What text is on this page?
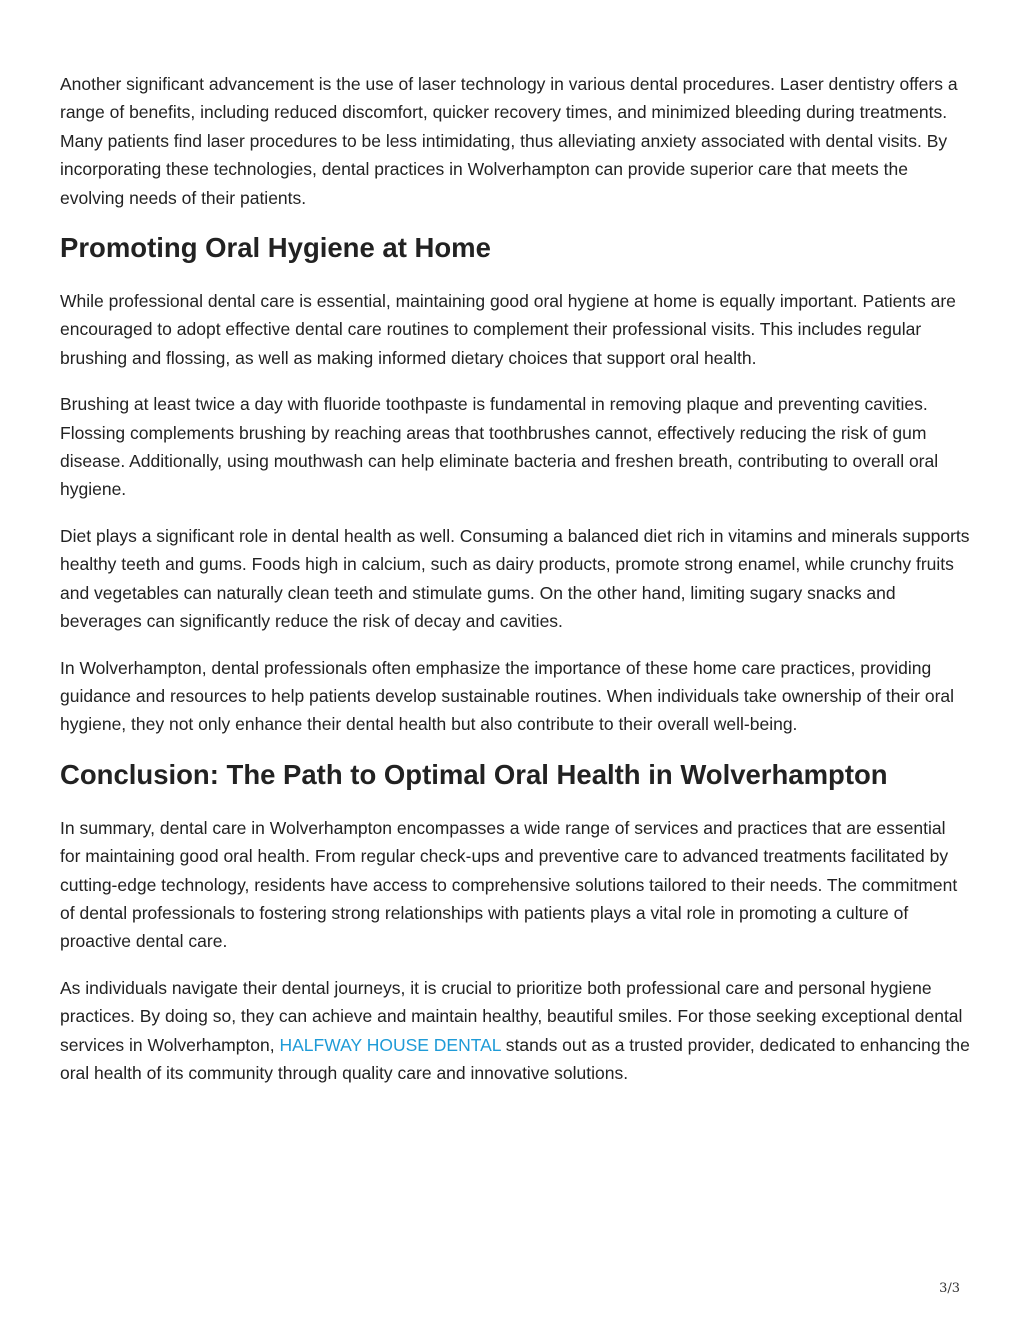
Another significant advancement is the use of laser technology in various dental procedures. Laser dentistry offers a range of benefits, including reduced discomfort, quicker recovery times, and minimized bleeding during treatments. Many patients find laser procedures to be less intimidating, thus alleviating anxiety associated with dental visits. By incorporating these technologies, dental practices in Wolverhampton can provide superior care that meets the evolving needs of their patients.

Promoting Oral Hygiene at Home

While professional dental care is essential, maintaining good oral hygiene at home is equally important. Patients are encouraged to adopt effective dental care routines to complement their professional visits. This includes regular brushing and flossing, as well as making informed dietary choices that support oral health.

Brushing at least twice a day with fluoride toothpaste is fundamental in removing plaque and preventing cavities. Flossing complements brushing by reaching areas that toothbrushes cannot, effectively reducing the risk of gum disease. Additionally, using mouthwash can help eliminate bacteria and freshen breath, contributing to overall oral hygiene.

Diet plays a significant role in dental health as well. Consuming a balanced diet rich in vitamins and minerals supports healthy teeth and gums. Foods high in calcium, such as dairy products, promote strong enamel, while crunchy fruits and vegetables can naturally clean teeth and stimulate gums. On the other hand, limiting sugary snacks and beverages can significantly reduce the risk of decay and cavities.

In Wolverhampton, dental professionals often emphasize the importance of these home care practices, providing guidance and resources to help patients develop sustainable routines. When individuals take ownership of their oral hygiene, they not only enhance their dental health but also contribute to their overall well-being.

Conclusion: The Path to Optimal Oral Health in Wolverhampton

In summary, dental care in Wolverhampton encompasses a wide range of services and practices that are essential for maintaining good oral health. From regular check-ups and preventive care to advanced treatments facilitated by cutting-edge technology, residents have access to comprehensive solutions tailored to their needs. The commitment of dental professionals to fostering strong relationships with patients plays a vital role in promoting a culture of proactive dental care.

As individuals navigate their dental journeys, it is crucial to prioritize both professional care and personal hygiene practices. By doing so, they can achieve and maintain healthy, beautiful smiles. For those seeking exceptional dental services in Wolverhampton, HALFWAY HOUSE DENTAL stands out as a trusted provider, dedicated to enhancing the oral health of its community through quality care and innovative solutions.

3/3
